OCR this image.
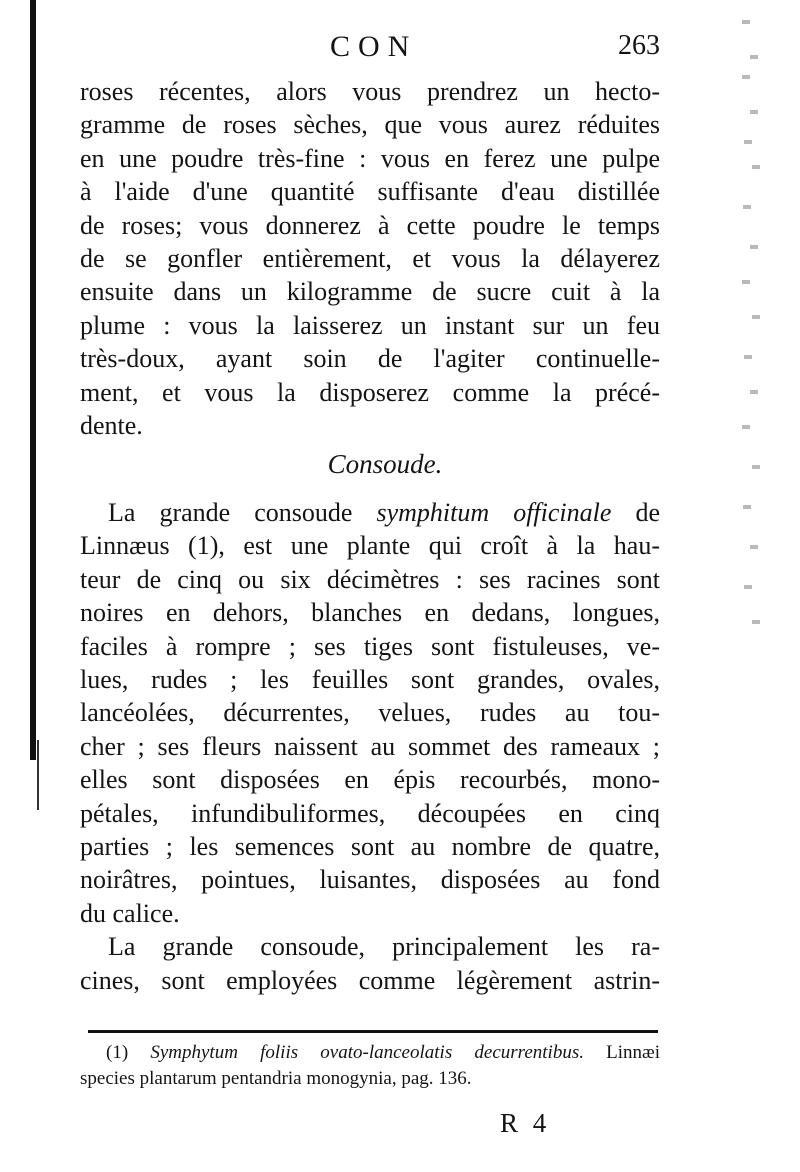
CON	263

roses récentes, alors vous prendrez un hecto-
gramme de roses sèches, que vous aurez réduites
en une poudre très-fine : vous en ferez une pulpe
à l'aide d'une quantité suffisante d'eau distillée
de roses; vous donnerez à cette poudre le temps
de se gonfler entièrement, et vous la délayerez
ensuite dans un kilogramme de sucre cuit à la
plume : vous la laisserez un instant sur un feu
très-doux, ayant soin de l'agiter continuelle-
ment, et vous la disposerez comme la précé-
dente.

Consoude.

La grande consoude symphitum officinale de
Linnæus (1), est une plante qui croît à la hau-
teur de cinq ou six décimètres : ses racines sont
noires en dehors, blanches en dedans, longues,
faciles à rompre ; ses tiges sont fistuleuses, ve-
lues, rudes ; les feuilles sont grandes, ovales,
lancéolées, décurrentes, velues, rudes au tou-
cher ; ses fleurs naissent au sommet des rameaux ;
elles sont disposées en épis recourbés, mono-
pétales, infundibuliformes, découpées en cinq
parties ; les semences sont au nombre de quatre,
noirâtres, pointues, luisantes, disposées au fond
du calice.

La grande consoude, principalement les ra-
cines, sont employées comme légèrement astrin-

(1) Symphytum foliis ovato-lanceolatis decurrentibus. Linnæi
species plantarum pentandria monogynia, pag. 136.
R 4
